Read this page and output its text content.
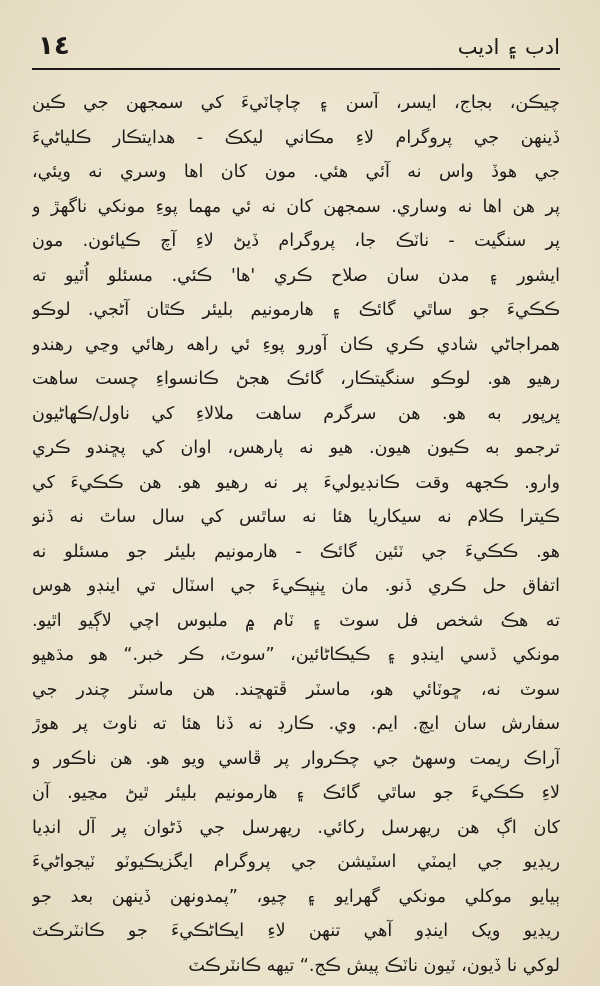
١٤	ادب ۽ اديب
چيڪن، بجاج، ايسر، آسن ۽ چاچاٽيءَ کي سمجهن جي ڪين
ڏينهن جي پروگرام لاءِ مڪاني ليکڪ - هدايتڪار ڪلياڻيءَ
جي هوڏ واس نه آئي هئي. مون کان اها وسري نه ويئي،
پر هن اها نه وساري. سمجهن کان نه ئي مهما پوءِ مونکي ناگهڙ و
پر سنگيت - ناٽڪ جا، پروگرام ڏيڻ لاءِ آچ ڪيائون. مون
ايشور ۽ مدن سان صلاح ڪري 'ها' ڪئي. مسئلو اُٿيو ته
ڪڪيءَ جو ساٿي گائڪ ۽ هارمونيم بليئر ڪٿان آڻجي. لوڪو
همراجاڻي شادي ڪري ڪان آورو پوءِ ئي راهه رهائي وڃي رهندو
رهيو هو. لوڪو سنگيتڪار، گائڪ هجڻ ڪانسواءِ چست ساهت
ڀرپور به هو. هن سرگرم ساهت ملالاءِ کي ناول/ڪهاڻيون
ترجمو به ڪيون هيون. هيو نه پارهس، اوان کي پڇندو ڪري
وارو. ڪجهه وقت ڪانڊيوليءَ پر نه رهيو هو. هن ڪڪيءَ کي
ڪيترا ڪلام نه سيکاريا هئا نه ساٿس کي سال ساٿ نه ڏنو
هو. ڪڪيءَ جي ٽئين گائڪ - هارمونيم بليئر جو مسئلو نه
اتفاق حل ڪري ڏنو. مان ڀنڀڪيءَ جي اسٽال تي اينڊو هوس
ته هڪ شخص فل سوٽ ۽ ٽام ۾ ملبوس اچي لاڳيو اٿيو.
مونکي ڏسي اينڊو ۽ ڪيڪاڻائين، ”سوٽ، ڪر خبر.“ هو مڌهڀو
سوٽ نه، ڇوٽائي هو، ماسٽر ڦتهڇند. هن ماسٽر چندر جي
سفارش سان ايچ. ايم. وي. ڪارڊ نه ڏنا هئا ته ناوٽ پر هوڙ
آراڪ ريمت وسهڻ جي چڪروار پر ڦاسي ويو هو. هن ناڪور و
لاءِ ڪڪيءَ جو ساٿي گائڪ ۽ هارمونيم بليئر ٿيڻ مڃيو. آن
کان اڳ هن ريهرسل رکائي. ريهرسل جي ڏڻوان پر آل انڊيا
ريڊيو جي ايمٽي اسٽيشن جي پروگرام ايگزيڪيوٽو ٽيجواڻيءَ
ٻيايو موکلي مونکي گهرايو ۽ چيو، ”پمدونهن ڏينهن بعد جو
ريڊيو ويک اينڊو آهي تنهن لاءِ ايڪاڻڪيءَ جو ڪانٽرڪٽ
لوکي نا ڏيون، ٽيون ناٽڪ پيش ڪج.“ تيهه ڪانٽرڪٽ
